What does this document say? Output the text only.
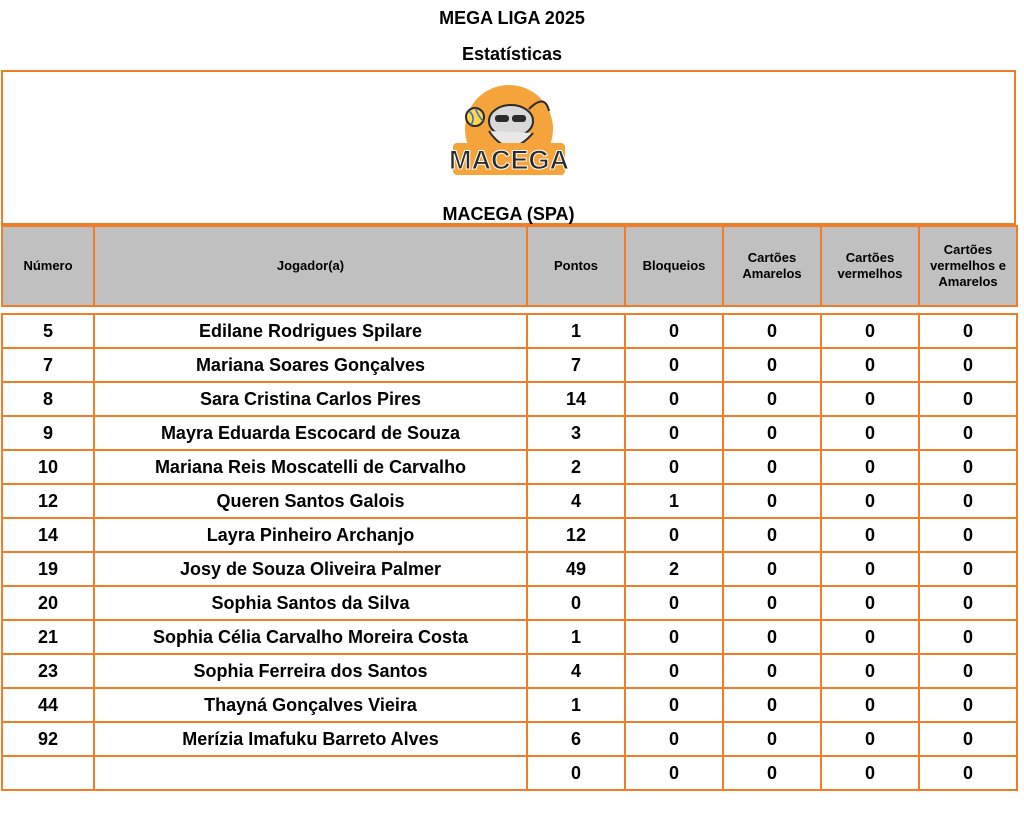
MEGA LIGA 2025
Estatísticas
MACEGA
MACEGA (SPA)
Número	Jogador(a)	Pontos	Bloqueios	Cartões Amarelos	Cartões vermelhos	Cartões vermelhos e Amarelos

5	Edilane Rodrigues Spilare	1	0	0	0	0
7	Mariana Soares Gonçalves	7	0	0	0	0
8	Sara Cristina Carlos Pires	14	0	0	0	0
9	Mayra Eduarda Escocard de Souza	3	0	0	0	0
10	Mariana Reis Moscatelli de Carvalho	2	0	0	0	0
12	Queren Santos Galois	4	1	0	0	0
14	Layra Pinheiro Archanjo	12	0	0	0	0
19	Josy de Souza Oliveira Palmer	49	2	0	0	0
20	Sophia Santos da Silva	0	0	0	0	0
21	Sophia Célia Carvalho Moreira Costa	1	0	0	0	0
23	Sophia Ferreira dos Santos	4	0	0	0	0
44	Thayná Gonçalves Vieira	1	0	0	0	0
92	Merízia Imafuku Barreto Alves	6	0	0	0	0
		0	0	0	0	0
